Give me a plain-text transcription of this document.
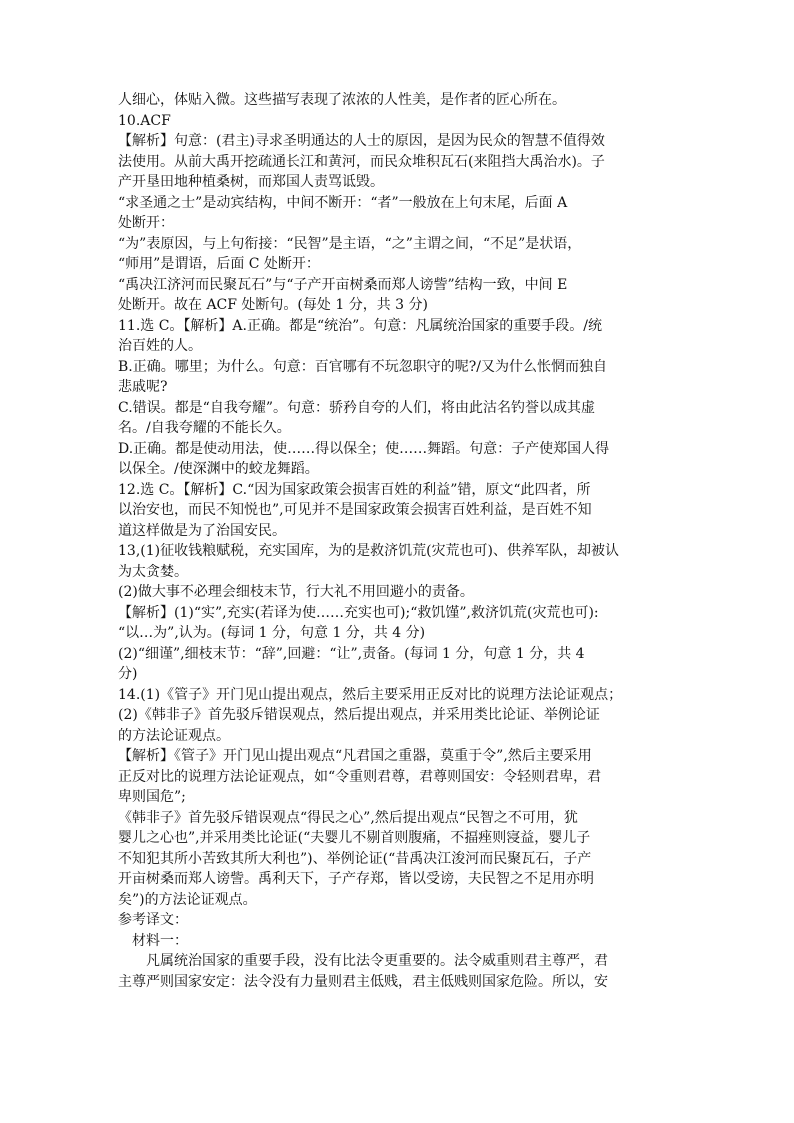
人细心，体贴入微。这些描写表现了浓浓的人性美，是作者的匠心所在。
10.ACF
【解析】句意：(君主)寻求圣明通达的人士的原因，是因为民众的智慧不值得效
法使用。从前大禹开挖疏通长江和黄河，而民众堆积瓦石(来阻挡大禹治水)。子
产开垦田地种植桑树，而郑国人责骂诋毁。
“求圣通之士”是动宾结构，中间不断开：“者”一般放在上句末尾，后面 A
处断开：
“为”表原因，与上句衔接：“民智”是主语，“之”主谓之间，“不足”是状语，
“师用”是谓语，后面 C 处断开：
“禹决江济河而民聚瓦石”与“子产开亩树桑而郑人谤訾”结构一致，中间 E
处断开。故在 ACF 处断句。(每处 1 分，共 3 分)
11.选 C。【解析】A.正确。都是“统治”。句意：凡属统治国家的重要手段。/统
治百姓的人。
B.正确。哪里；为什么。句意：百官哪有不玩忽职守的呢?/又为什么怅惘而独自
悲戚呢?
C.错误。都是“自我夸耀”。句意：骄矜自夸的人们，将由此沽名钓誉以成其虚
名。/自我夸耀的不能长久。
D.正确。都是使动用法，使……得以保全；使……舞蹈。句意：子产使郑国人得
以保全。/使深渊中的蛟龙舞蹈。
12.选 C。【解析】C.“因为国家政策会损害百姓的利益”错，原文“此四者，所
以治安也，而民不知悦也”,可见并不是国家政策会损害百姓利益，是百姓不知
道这样做是为了治国安民。
13,(1)征收钱粮赋税，充实国库，为的是救济饥荒(灾荒也可)、供养军队，却被认
为太贪婪。
(2)做大事不必理会细枝末节，行大礼不用回避小的责备。
【解析】(1)“实”,充实(若译为使……充实也可);“救饥馑”,救济饥荒(灾荒也可):
“以…为”,认为。(每词 1 分，句意 1 分，共 4 分)
(2)“细谨”,细枝末节：“辞”,回避：“让”,责备。(每词 1 分，句意 1 分，共 4
分)
14.(1)《管子》开门见山提出观点，然后主要采用正反对比的说理方法论证观点；
(2)《韩非子》首先驳斥错误观点，然后提出观点，并采用类比论证、举例论证
的方法论证观点。
【解析】《管子》开门见山提出观点“凡君国之重器，莫重于令”,然后主要采用
正反对比的说理方法论证观点，如“令重则君尊，君尊则国安：令轻则君卑，君
卑则国危”;
《韩非子》首先驳斥错误观点“得民之心”,然后提出观点“民智之不可用，犹
婴儿之心也”,并采用类比论证(“夫婴儿不剔首则腹痛，不揊痤则寖益，婴儿子
不知犯其所小苦致其所大利也”)、举例论证(“昔禹决江浚河而民聚瓦石，子产
开亩树桑而郑人谤訾。禹利天下，子产存郑，皆以受谤，夫民智之不足用亦明
矣”)的方法论证观点。
参考译文：
材料一：
凡属统治国家的重要手段，没有比法令更重要的。法令威重则君主尊严，君
主尊严则国家安定：法令没有力量则君主低贱，君主低贱则国家危险。所以，安
